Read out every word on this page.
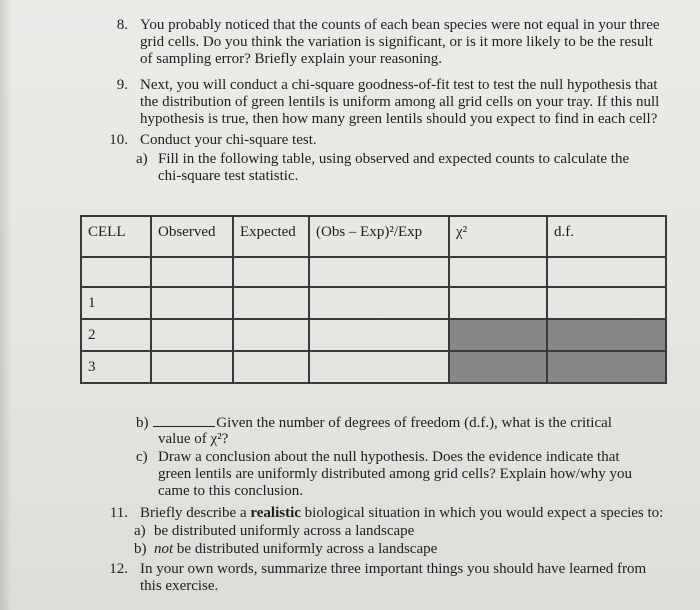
8. You probably noticed that the counts of each bean species were not equal in your three
grid cells. Do you think the variation is significant, or is it more likely to be the result
of sampling error? Briefly explain your reasoning.
9. Next, you will conduct a chi-square goodness-of-fit test to test the null hypothesis that
the distribution of green lentils is uniform among all grid cells on your tray. If this null
hypothesis is true, then how many green lentils should you expect to find in each cell?
10. Conduct your chi-square test.
a) Fill in the following table, using observed and expected counts to calculate the
chi-square test statistic.
CELL	Observed	Expected	(Obs – Exp)²/Exp	χ²	d.f.

1					
2					
3					
b)	Given the number of degrees of freedom (d.f.), what is the critical
value of χ²?
c) Draw a conclusion about the null hypothesis. Does the evidence indicate that
green lentils are uniformly distributed among grid cells? Explain how/why you
came to this conclusion.
11. Briefly describe a realistic biological situation in which you would expect a species to:
a) be distributed uniformly across a landscape
b) not be distributed uniformly across a landscape
12. In your own words, summarize three important things you should have learned from
this exercise.
